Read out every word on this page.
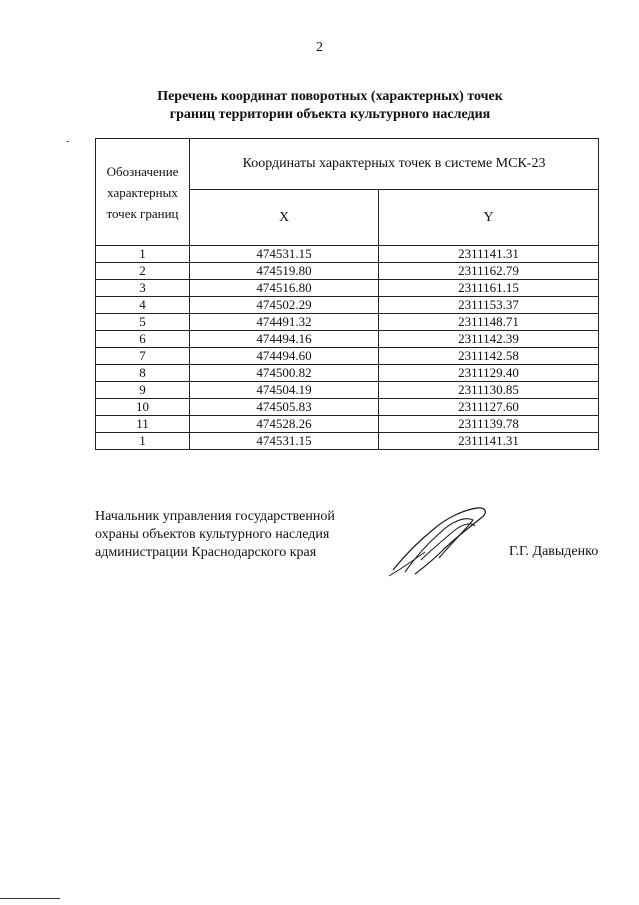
2
Перечень координат поворотных (характерных) точек
границ территории объекта культурного наследия
-
Обозначение
характерных
точек границ	Координаты характерных точек в системе МСК-23	
	X	Y
1	474531.15	2311141.31
2	474519.80	2311162.79
3	474516.80	2311161.15
4	474502.29	2311153.37
5	474491.32	2311148.71
6	474494.16	2311142.39
7	474494.60	2311142.58
8	474500.82	2311129.40
9	474504.19	2311130.85
10	474505.83	2311127.60
11	474528.26	2311139.78
1	474531.15	2311141.31
Начальник управления государственной
охраны объектов культурного наследия
администрации Краснодарского края	Г.Г. Давыденко
